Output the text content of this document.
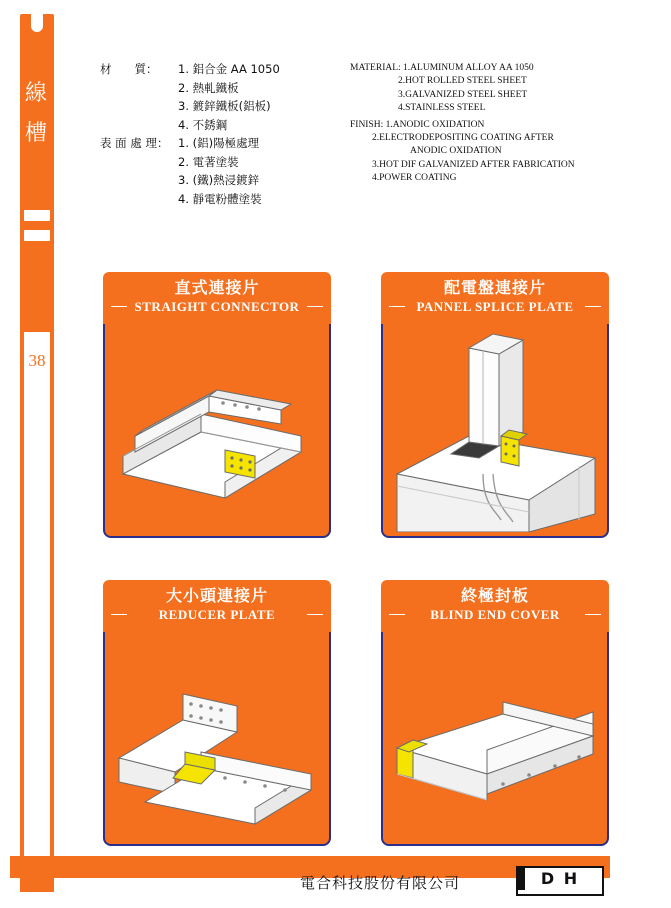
線 槽
38
材　　質：	1. 鋁合金 AA 1050
2. 熱軋鐵板
3. 鍍鋅鐵板(鋁板)
4. 不銹鋼
表 面 處 理： 1. (鋁)陽極處理
2. 電著塗裝
3. (鐵)熱浸鍍鋅
4. 靜電粉體塗裝
MATERIAL: 1.ALUMINUM ALLOY AA 1050
2.HOT ROLLED STEEL SHEET
3.GALVANIZED STEEL SHEET
4.STAINLESS STEEL
FINISH: 1.ANODIC OXIDATION
2.ELECTRODEPOSITING COATING AFTER
ANODIC OXIDATION
3.HOT DIF GALVANIZED AFTER FABRICATION
4.POWER COATING
直式連接片
STRAIGHT CONNECTOR
配電盤連接片
PANNEL SPLICE PLATE
大小頭連接片
REDUCER PLATE
終極封板
BLIND END COVER
電合科技股份有限公司	D H
